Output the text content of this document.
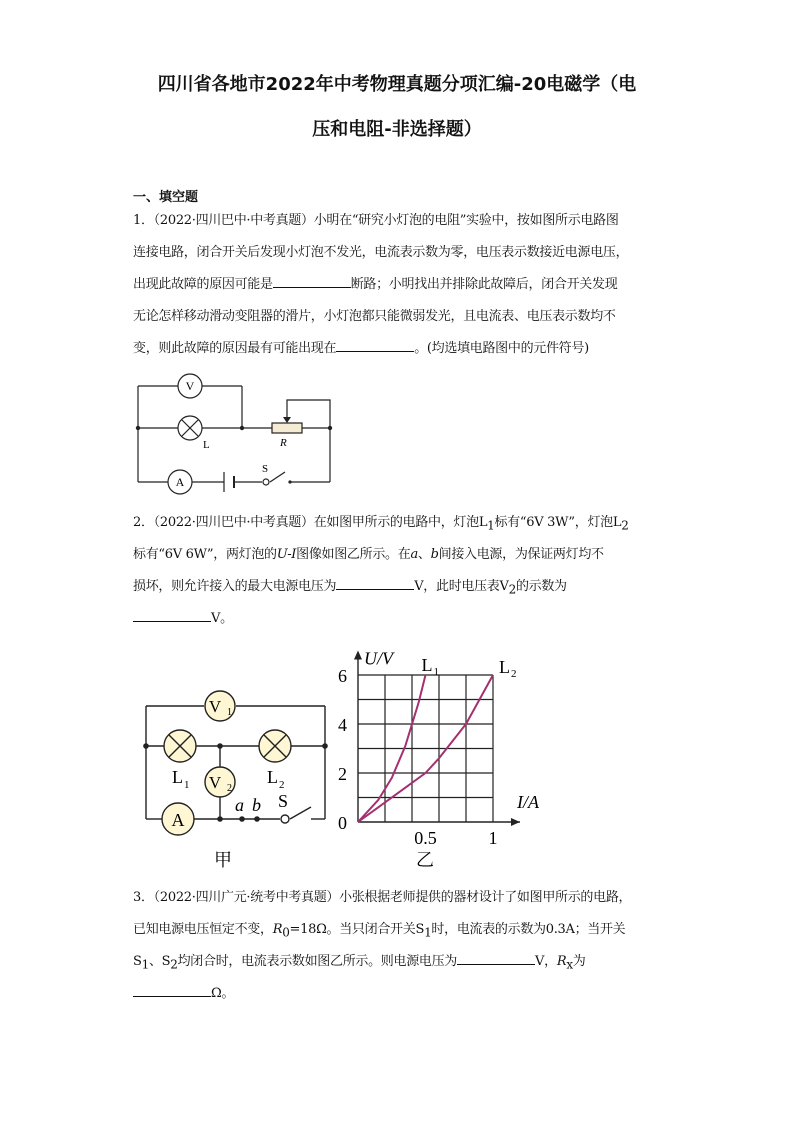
四川省各地市2022年中考物理真题分项汇编-20电磁学（电
压和电阻-非选择题）
一、填空题
1．（2022·四川巴中·中考真题）小明在“研究小灯泡的电阻”实验中，按如图所示电路图
连接电路，闭合开关后发现小灯泡不发光，电流表示数为零，电压表示数接近电源电压，
出现此故障的原因可能是	断路；小明找出并排除此故障后，闭合开关发现
无论怎样移动滑动变阻器的滑片，小灯泡都只能微弱发光，且电流表、电压表示数均不
变，则此故障的原因最有可能出现在	。(均选填电路图中的元件符号)
V
L	R
A
S
2．（2022·四川巴中·中考真题）在如图甲所示的电路中，灯泡$L_1$标有“6V 3W”，灯泡$L_2$
标有“6V 6W”，两灯泡的U-I图像如图乙所示。在a、b间接入电源，为保证两灯均不
损坏，则允许接入的最大电源电压为	V，此时电压表$V_2$的示数为
V。
V 1
L 1	L 2
V 2
A
a b S
甲
L 1	L 2
2
4
6
0.5	1
0
U/V
I/A
乙
3．（2022·四川广元·统考中考真题）小张根据老师提供的器材设计了如图甲所示的电路，
已知电源电压恒定不变，$R_0=18\Omega$。当只闭合开关$S_1$时，电流表的示数为0.3A；当开关
$S_1$、$S_2$均闭合时，电流表示数如图乙所示。则电源电压为	V，$R_x$为
Ω。
